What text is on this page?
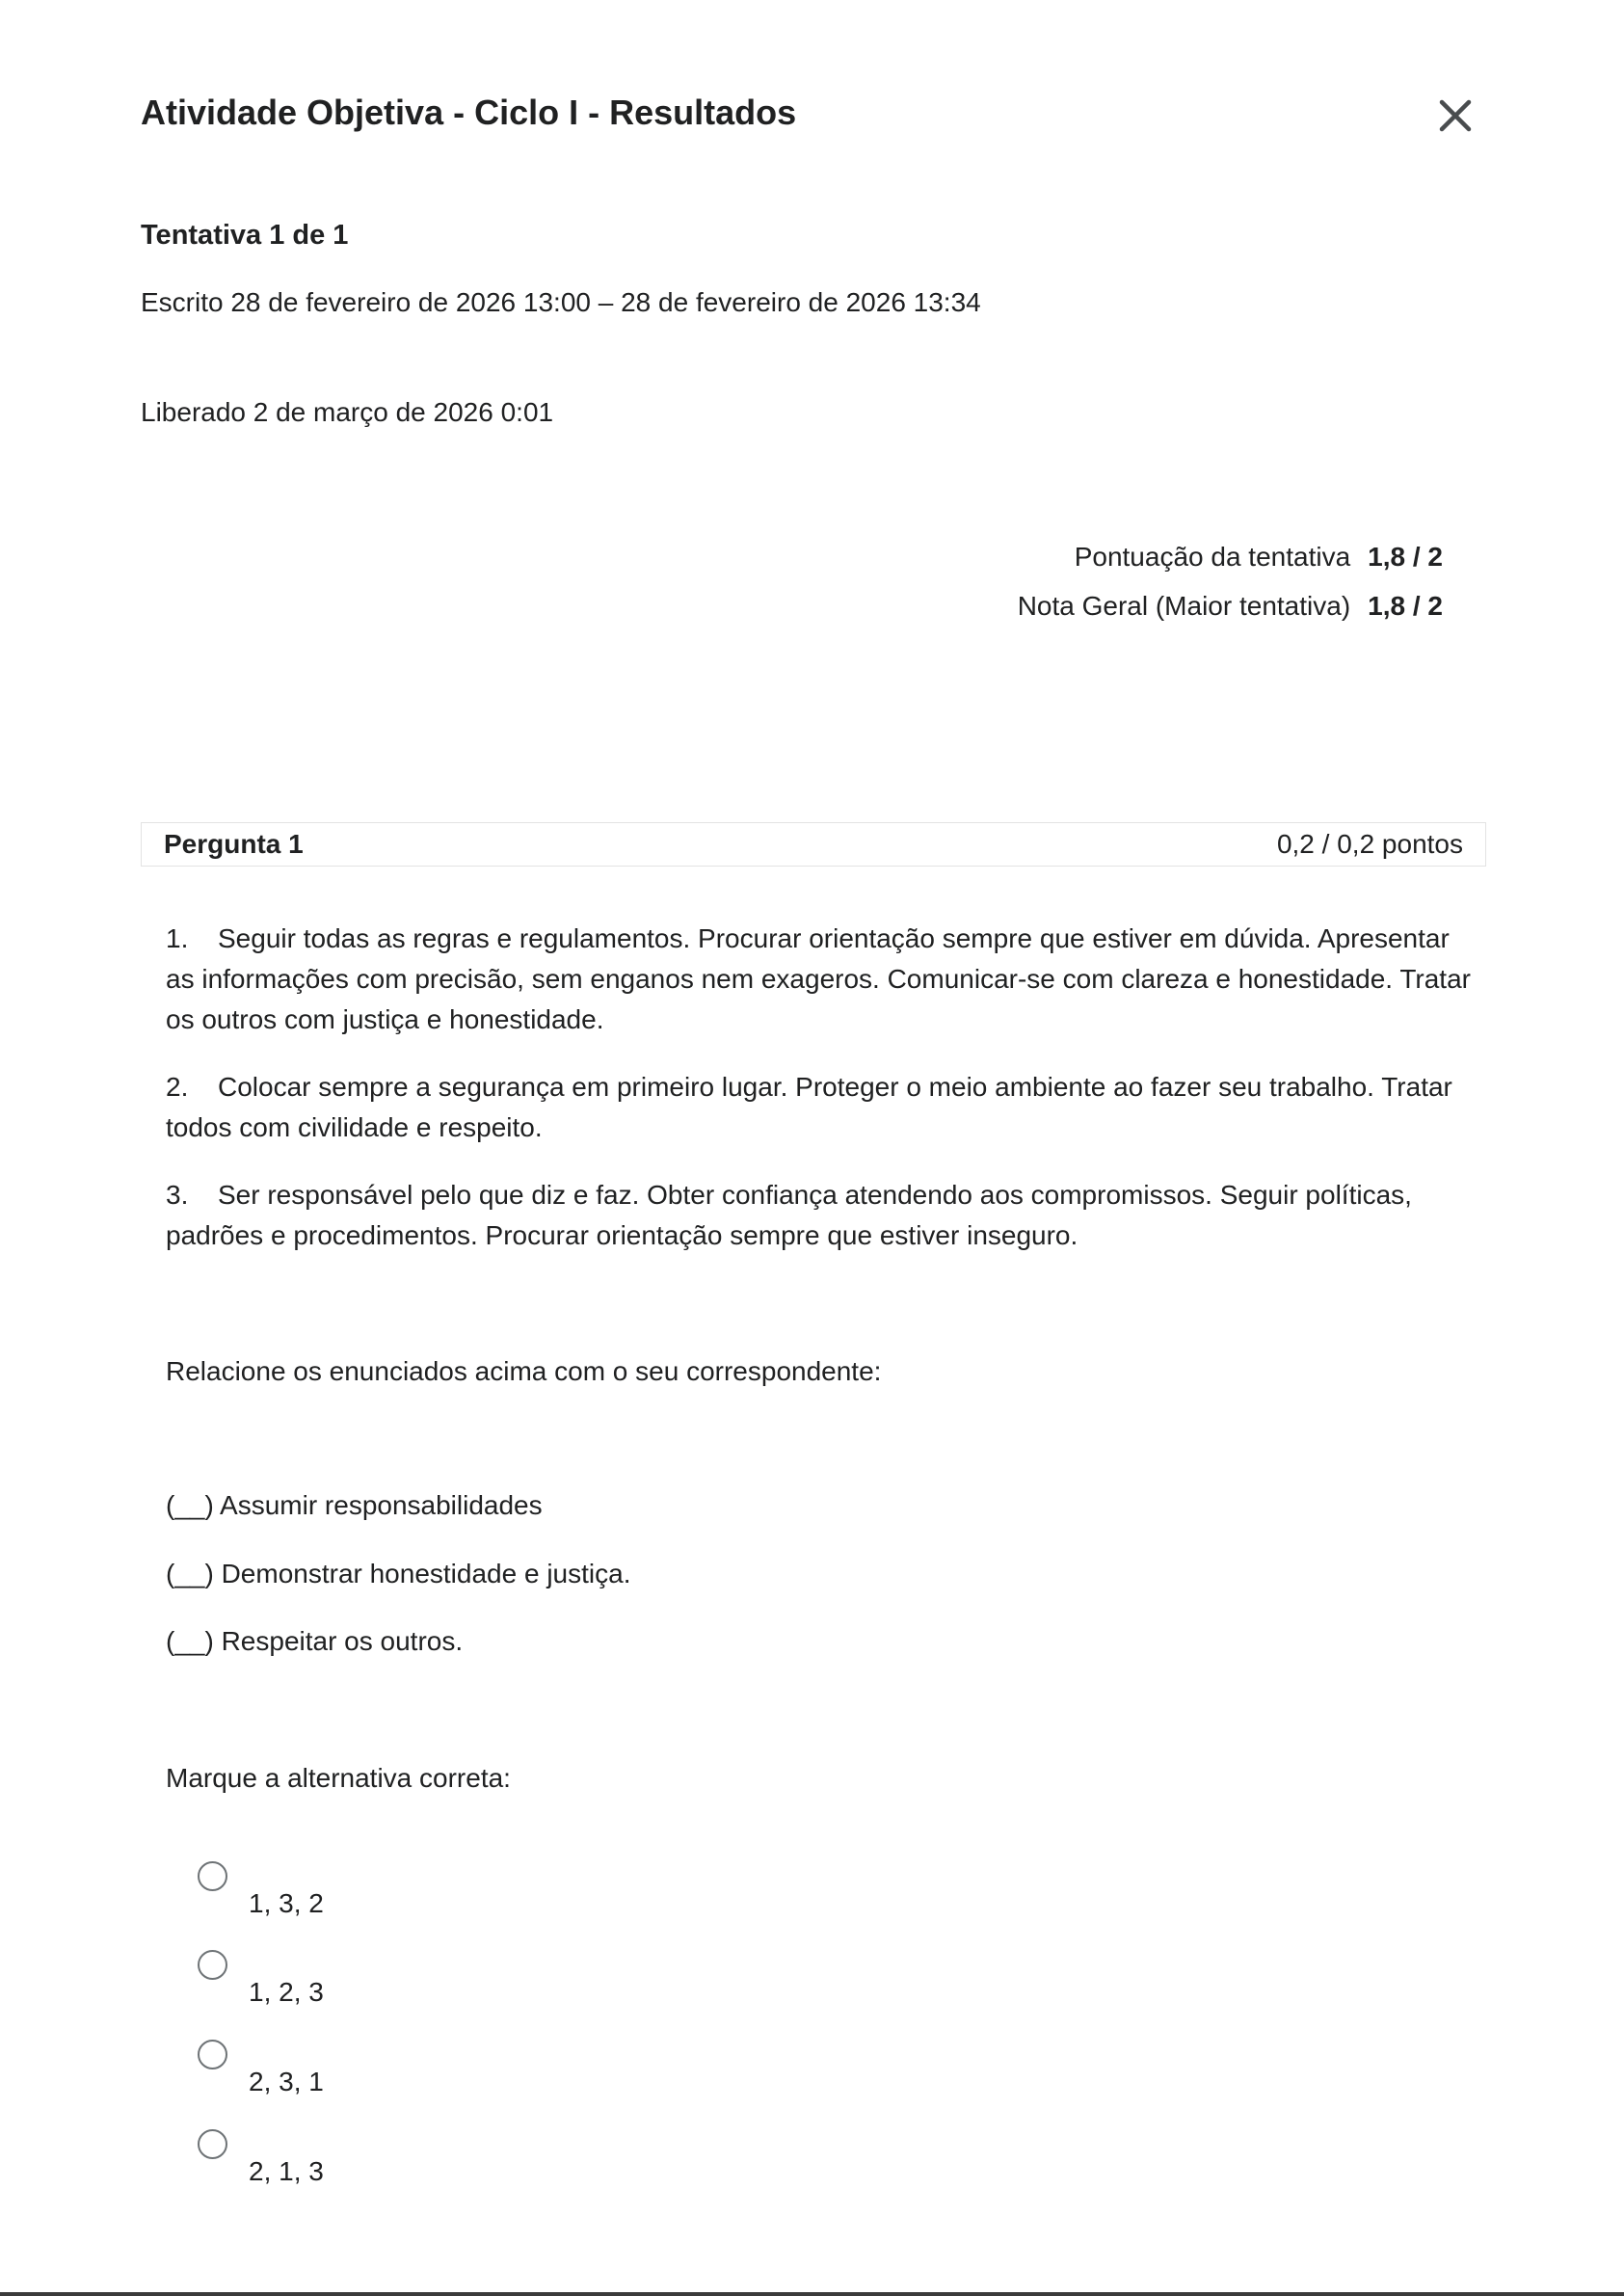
Atividade Objetiva - Ciclo I - Resultados
Tentativa 1 de 1
Escrito 28 de fevereiro de 2026 13:00 – 28 de fevereiro de 2026 13:34
Liberado 2 de março de 2026 0:01
Pontuação da tentativa	1,8 / 2
Nota Geral (Maior tentativa)	1,8 / 2
Pergunta 1	0,2 / 0,2 pontos
1. Seguir todas as regras e regulamentos. Procurar orientação sempre que estiver em dúvida. Apresentar as informações com precisão, sem enganos nem exageros. Comunicar-se com clareza e honestidade. Tratar os outros com justiça e honestidade.
2. Colocar sempre a segurança em primeiro lugar. Proteger o meio ambiente ao fazer seu trabalho. Tratar todos com civilidade e respeito.
3. Ser responsável pelo que diz e faz. Obter confiança atendendo aos compromissos. Seguir políticas, padrões e procedimentos. Procurar orientação sempre que estiver inseguro.
Relacione os enunciados acima com o seu correspondente:
(__) Assumir responsabilidades
(__) Demonstrar honestidade e justiça.
(__) Respeitar os outros.
Marque a alternativa correta:
1, 3, 2
1, 2, 3
2, 3, 1
2, 1, 3
